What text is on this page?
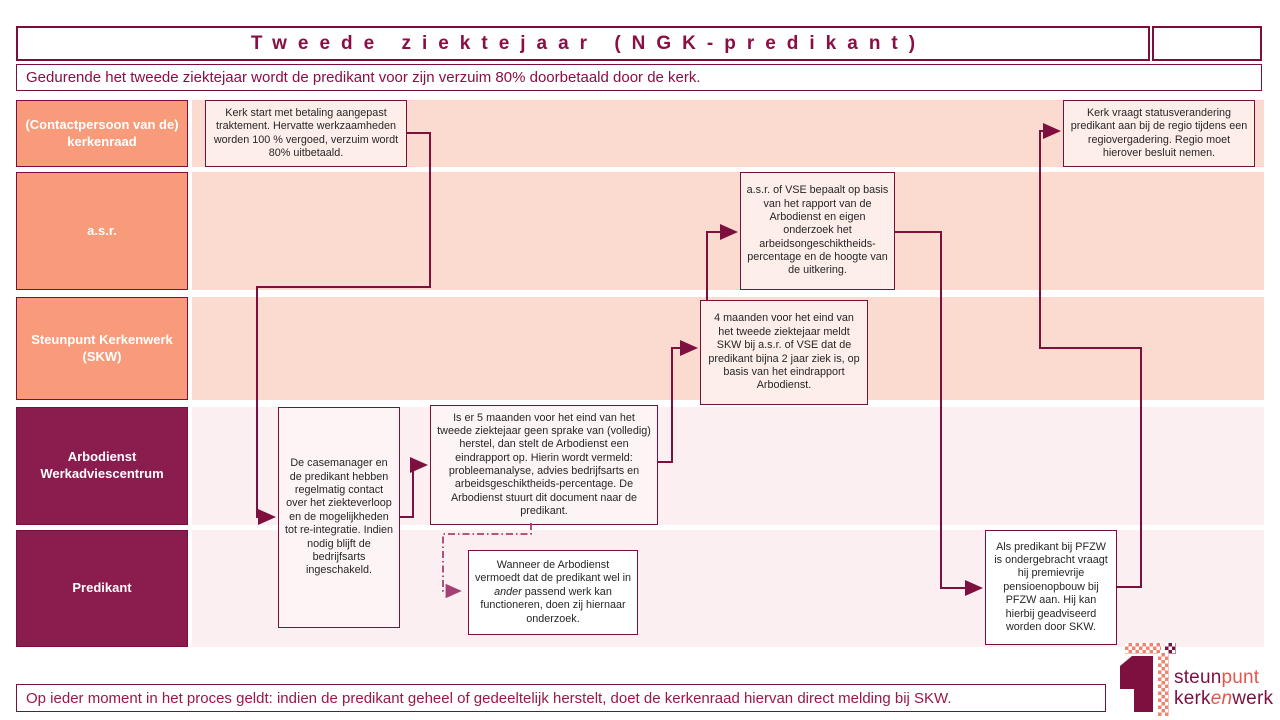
Tweede ziektejaar (NGK-predikant)
Gedurende het tweede ziektejaar wordt de predikant voor zijn verzuim 80% doorbetaald door de kerk.
(Contactpersoon van de) kerkenraad
a.s.r.
Steunpunt Kerkenwerk (SKW)
Arbodienst Werkadviescentrum
Predikant
Kerk start met betaling aangepast traktement. Hervatte werkzaamheden worden 100 % vergoed, verzuim wordt 80% uitbetaald.
Kerk vraagt statusverandering predikant aan bij de regio tijdens een regiovergadering. Regio moet hierover besluit nemen.
a.s.r. of VSE bepaalt op basis van het rapport van de Arbodienst en eigen onderzoek het arbeidsongeschiktheids-percentage en de hoogte van de uitkering.
4 maanden voor het eind van het tweede ziektejaar meldt SKW bij a.s.r. of VSE dat de predikant bijna 2 jaar ziek is, op basis van het eindrapport Arbodienst.
De casemanager en de predikant hebben regelmatig contact over het ziekteverloop en de mogelijkheden tot re-integratie. Indien nodig blijft de bedrijfsarts ingeschakeld.
Is er 5 maanden voor het eind van het tweede ziektejaar geen sprake van (volledig) herstel, dan stelt de Arbodienst een eindrapport op. Hierin wordt vermeld: probleemanalyse, advies bedrijfsarts en arbeidsgeschiktheids-percentage. De Arbodienst stuurt dit document naar de predikant.
Wanneer de Arbodienst vermoedt dat de predikant wel in ander passend werk kan functioneren, doen zij hiernaar onderzoek.
Als predikant bij PFZW is ondergebracht vraagt hij premievrije pensioenopbouw bij PFZW aan. Hij kan hierbij geadviseerd worden door SKW.
Op ieder moment in het proces geldt: indien de predikant geheel of gedeeltelijk herstelt, doet de kerkenraad hiervan direct melding bij SKW.
steunpunt
kerkenwerk
